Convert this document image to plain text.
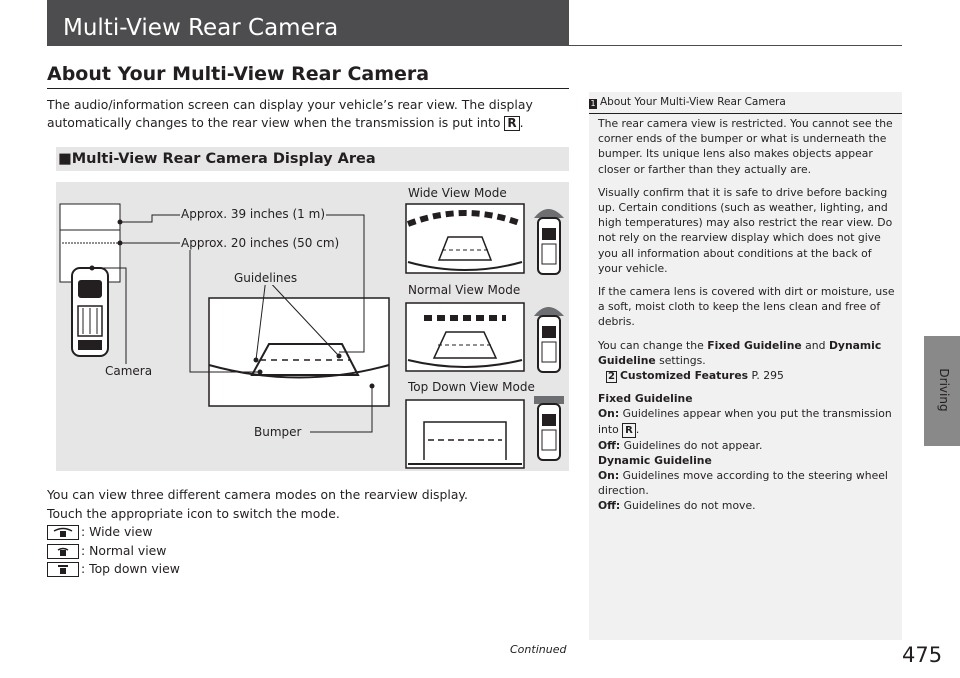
Multi-View Rear Camera
Driving
About Your Multi-View Rear Camera
The audio/information screen can display your vehicle’s rear view. The display automatically changes to the rear view when the transmission is put into R .
■Multi-View Rear Camera Display Area
Approx. 39 inches (1 m)
Approx. 20 inches (50 cm)
Guidelines
Camera
Bumper
Wide View Mode
Normal View Mode
Top Down View Mode
You can view three different camera modes on the rearview display.
Touch the appropriate icon to switch the mode.
: Wide view
: Normal view
: Top down view
1 About Your Multi-View Rear Camera

The rear camera view is restricted. You cannot see the corner ends of the bumper or what is underneath the bumper. Its unique lens also makes objects appear closer or farther than they actually are.

Visually confirm that it is safe to drive before backing up. Certain conditions (such as weather, lighting, and high temperatures) may also restrict the rear view. Do not rely on the rearview display which does not give you all information about conditions at the back of your vehicle.

If the camera lens is covered with dirt or moisture, use a soft, moist cloth to keep the lens clean and free of debris.

You can change the Fixed Guideline and Dynamic Guideline settings.
2 Customized Features P. 295

Fixed Guideline

On: Guidelines appear when you put the transmission into R .

Off: Guidelines do not appear.

Dynamic Guideline

On: Guidelines move according to the steering wheel direction.

Off: Guidelines do not move.

Continued	475
